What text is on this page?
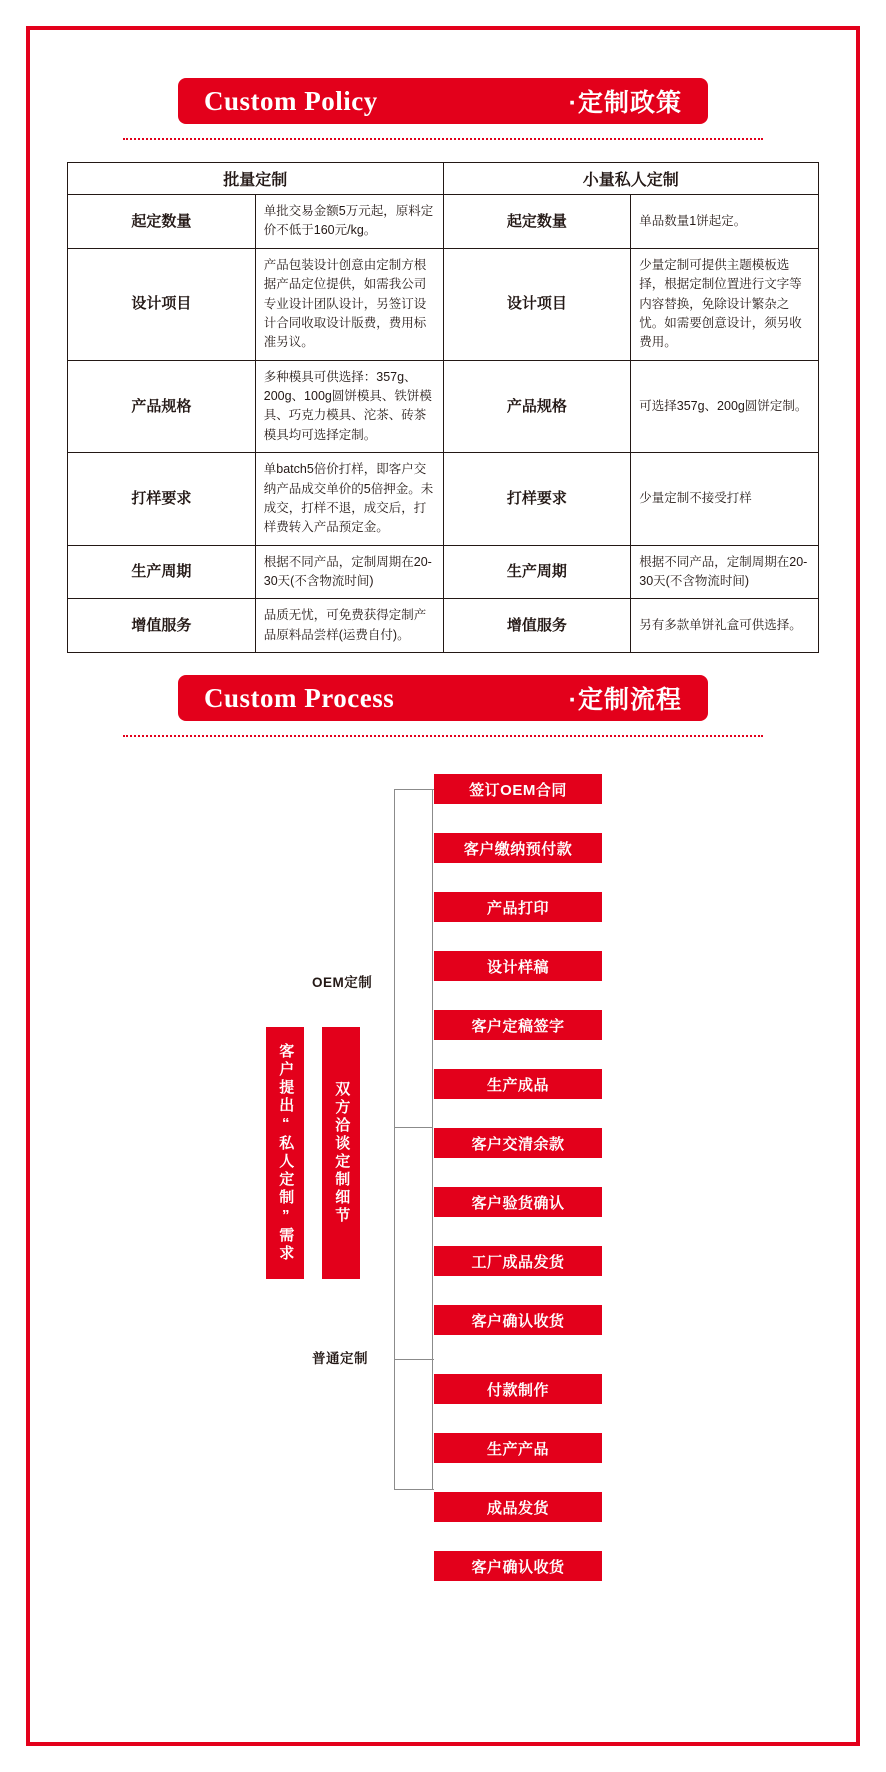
Custom Policy	·定制政策
批量定制		小量私人定制	
起定数量	单批交易金额5万元起，原料定价不低于160元/kg。	起定数量	单品数量1饼起定。
设计项目	产品包装设计创意由定制方根据产品定位提供，如需我公司专业设计团队设计，另签订设计合同收取设计版费，费用标准另议。	设计项目	少量定制可提供主题模板选择，根据定制位置进行文字等内容替换，免除设计繁杂之忧。如需要创意设计，须另收费用。
产品规格	多种模具可供选择：357g、200g、100g圆饼模具、铁饼模具、巧克力模具、沱茶、砖茶模具均可选择定制。	产品规格	可选择357g、200g圆饼定制。
打样要求	单batch5倍价打样，即客户交纳产品成交单价的5倍押金。未成交，打样不退，成交后，打样费转入产品预定金。	打样要求	少量定制不接受打样
生产周期	根据不同产品，定制周期在20-30天(不含物流时间)	生产周期	根据不同产品，定制周期在20-30天(不含物流时间)
增值服务	品质无忧，可免费获得定制产品原料品尝样(运费自付)。	增值服务	另有多款单饼礼盒可供选择。
Custom Process	·定制流程
客户提出“私人定制”需求	双方洽谈定制细节
OEM定制
普通定制
签订OEM合同
客户缴纳预付款
产品打印
设计样稿
客户定稿签字
生产成品
客户交清余款
客户验货确认
工厂成品发货
客户确认收货
付款制作
生产产品
成品发货
客户确认收货
